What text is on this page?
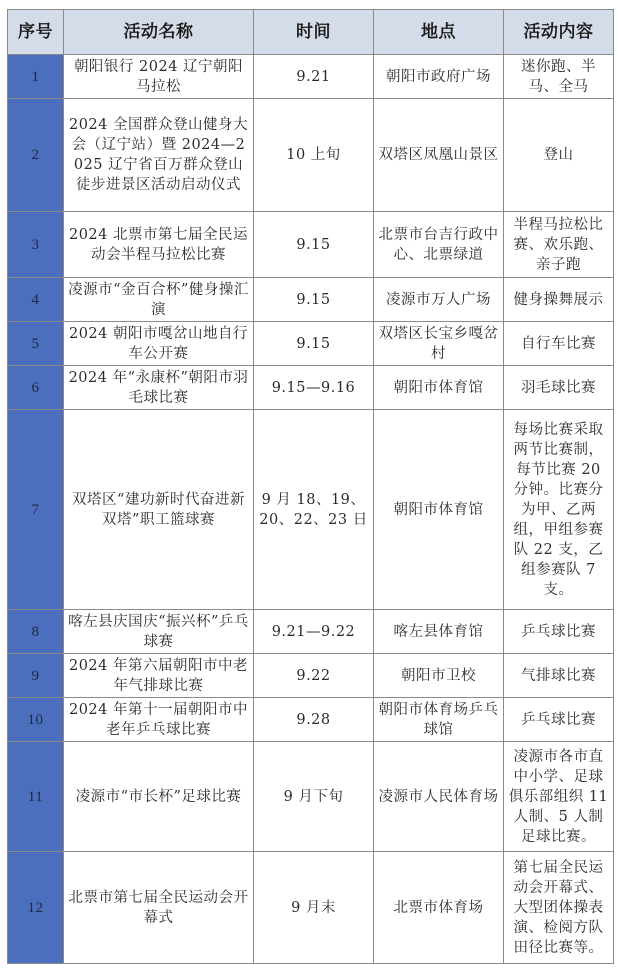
序号	活动名称	时间	地点	活动内容
1	朝阳银行 2024 辽宁朝阳马拉松	9.21	朝阳市政府广场	迷你跑、半马、全马
2	2024 全国群众登山健身大会（辽宁站）暨 2024—2025 辽宁省百万群众登山徒步进景区活动启动仪式	10 上旬	双塔区凤凰山景区	登山
3	2024 北票市第七届全民运动会半程马拉松比赛	9.15	北票市台吉行政中心、北票绿道	半程马拉松比赛、欢乐跑、亲子跑
4	凌源市“金百合杯”健身操汇演	9.15	凌源市万人广场	健身操舞展示
5	2024 朝阳市嘎岔山地自行车公开赛	9.15	双塔区长宝乡嘎岔村	自行车比赛
6	2024 年“永康杯”朝阳市羽毛球比赛	9.15—9.16	朝阳市体育馆	羽毛球比赛
7	双塔区“建功新时代奋进新双塔”职工篮球赛	9 月 18、19、20、22、23 日	朝阳市体育馆	每场比赛采取两节比赛制，每节比赛 20 分钟。比赛分为甲、乙两组，甲组参赛队 22 支，乙组参赛队 7 支。
8	喀左县庆国庆“振兴杯”乒乓球赛	9.21—9.22	喀左县体育馆	乒乓球比赛
9	2024 年第六届朝阳市中老年气排球比赛	9.22	朝阳市卫校	气排球比赛
10	2024 年第十一届朝阳市中老年乒乓球比赛	9.28	朝阳市体育场乒乓球馆	乒乓球比赛
11	凌源市“市长杯”足球比赛	9 月下旬	凌源市人民体育场	凌源市各市直中小学、足球俱乐部组织 11 人制、5 人制足球比赛。
12	北票市第七届全民运动会开幕式	9 月末	北票市体育场	第七届全民运动会开幕式、大型团体操表演、检阅方队田径比赛等。
